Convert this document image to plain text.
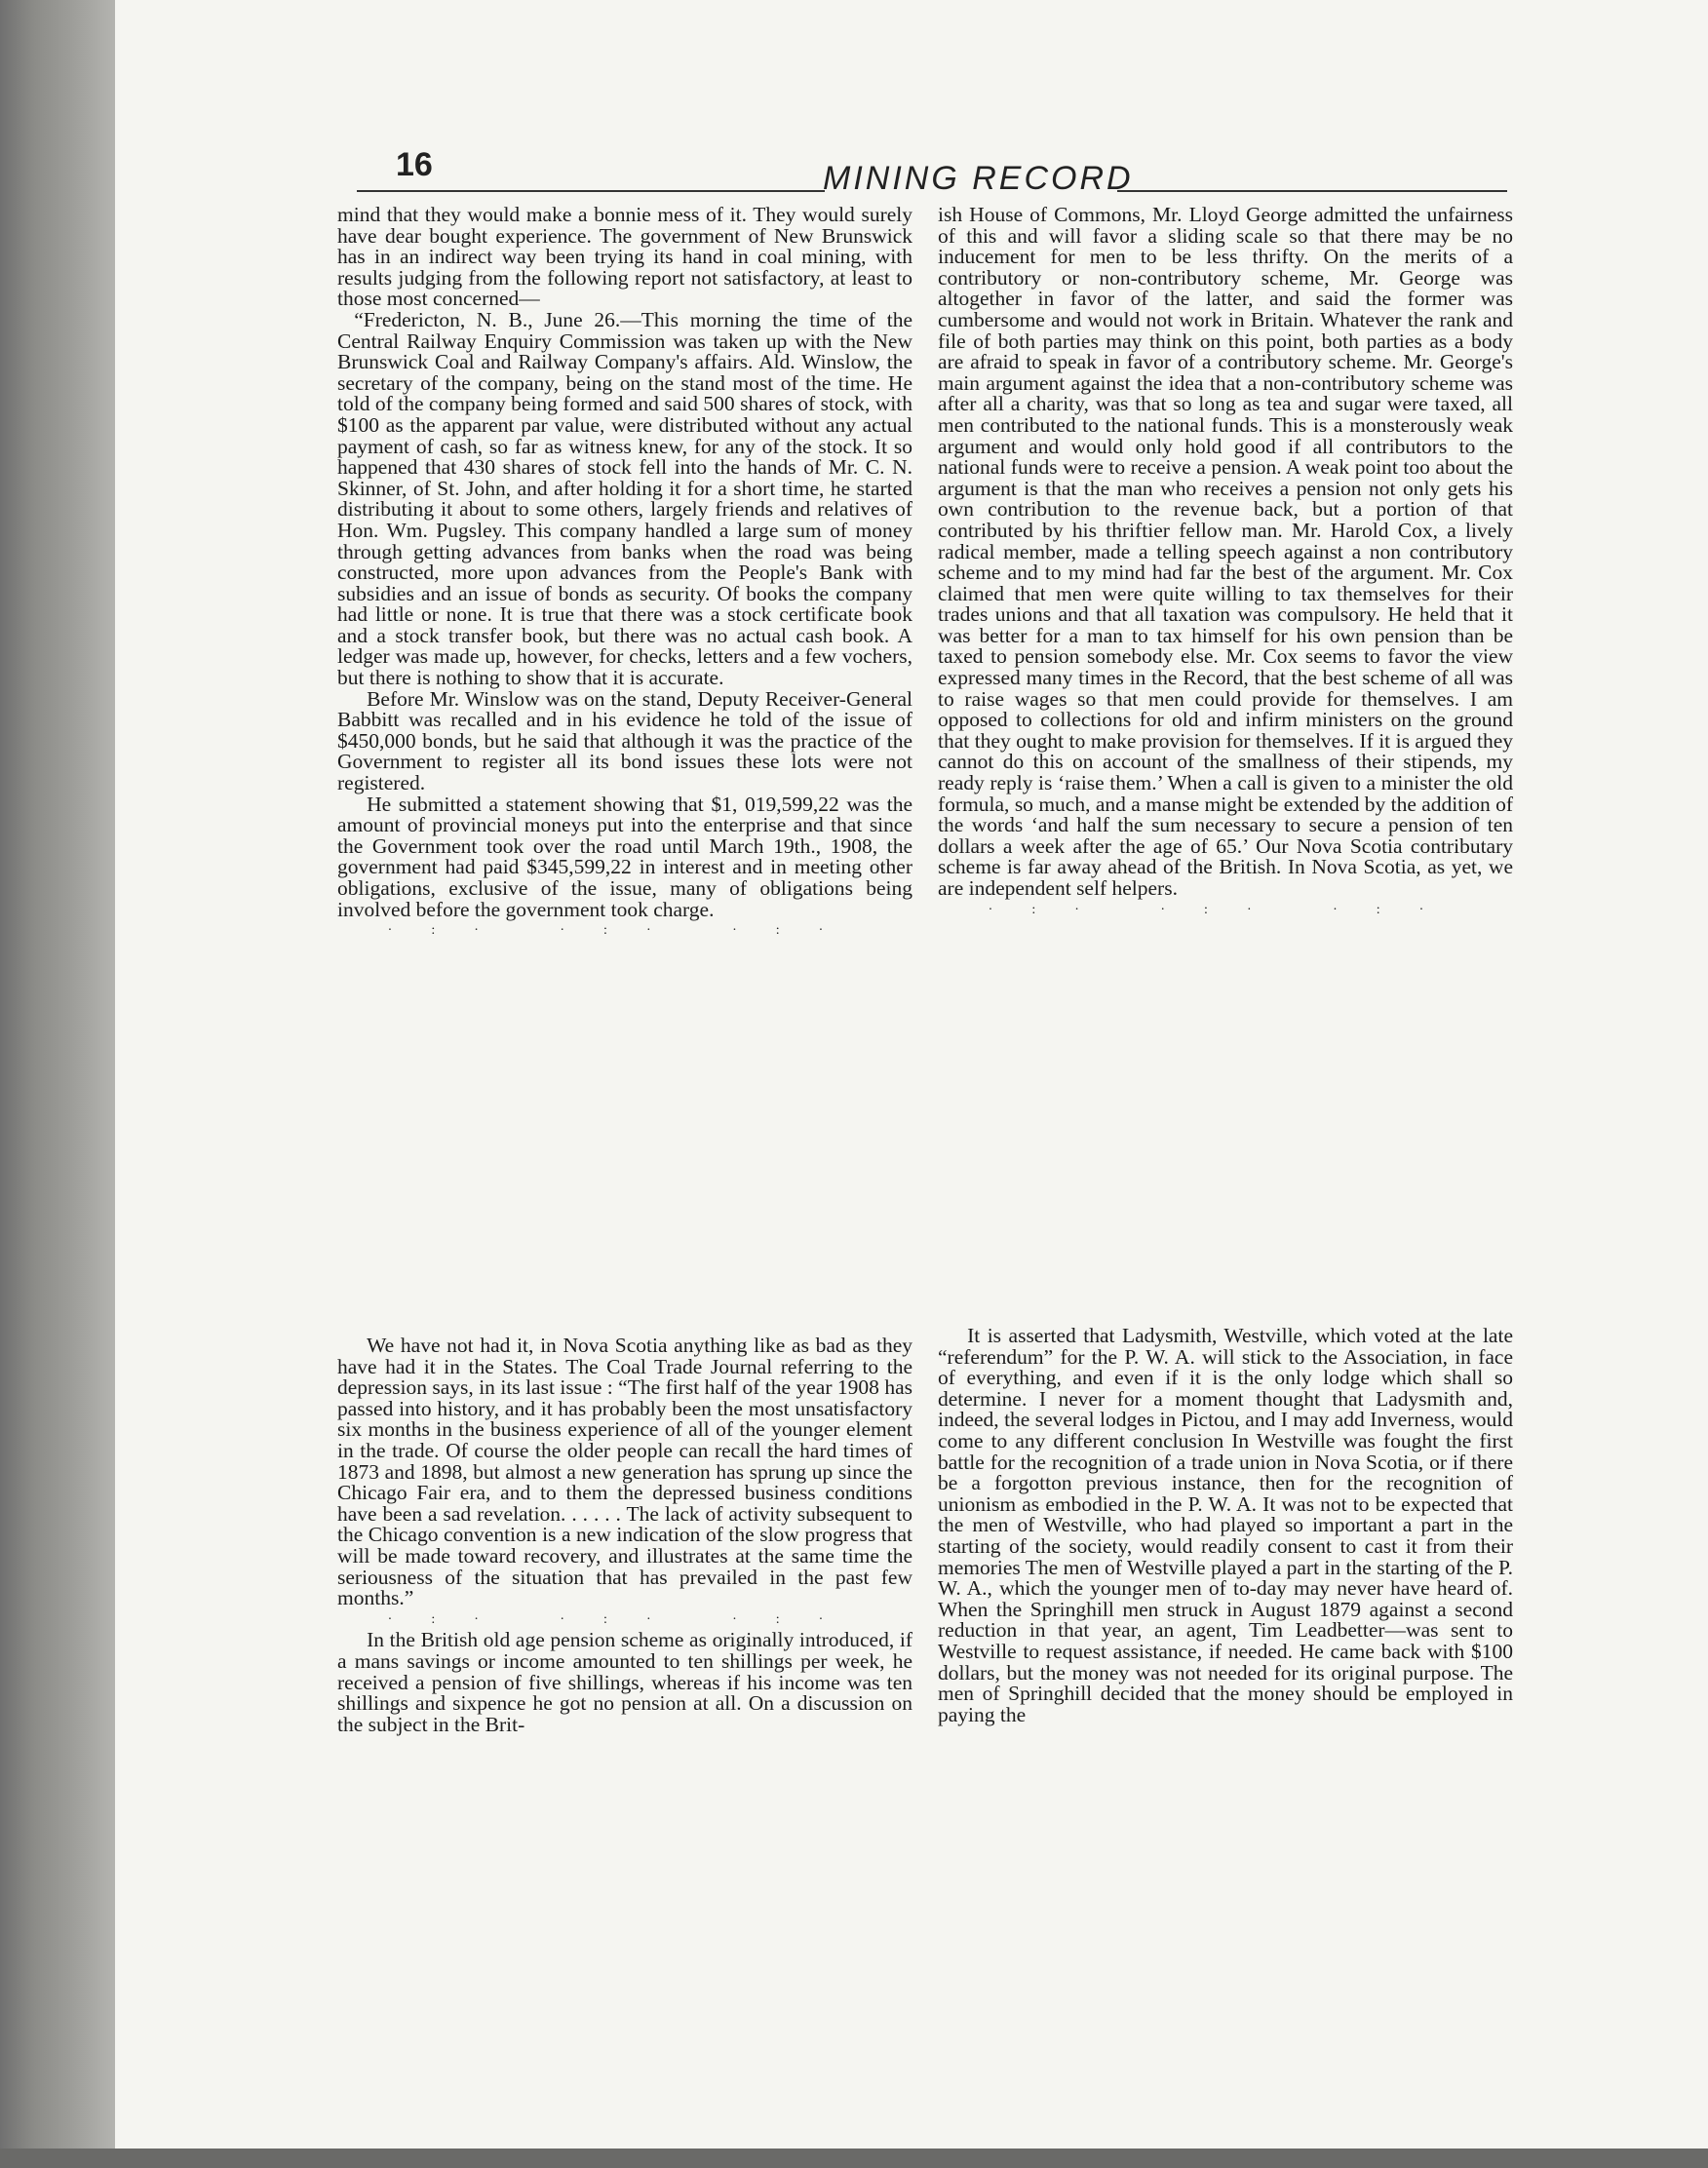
16	MINING RECORD

mind that they would make a bonnie mess of it. They would surely have dear bought experience. The government of New Brunswick has in an indirect way been trying its hand in coal mining, with results judging from the following report not satisfactory, at least to those most concerned—

“Fredericton, N. B., June 26.—This morning the time of the Central Railway Enquiry Commission was taken up with the New Brunswick Coal and Railway Company's affairs. Ald. Winslow, the secretary of the company, being on the stand most of the time. He told of the company being formed and said 500 shares of stock, with $100 as the apparent par value, were distributed without any actual payment of cash, so far as witness knew, for any of the stock. It so happened that 430 shares of stock fell into the hands of Mr. C. N. Skinner, of St. John, and after holding it for a short time, he started distributing it about to some others, largely friends and relatives of Hon. Wm. Pugsley. This company handled a large sum of money through getting advances from banks when the road was being constructed, more upon advances from the People's Bank with subsidies and an issue of bonds as security. Of books the company had little or none. It is true that there was a stock certificate book and a stock transfer book, but there was no actual cash book. A ledger was made up, however, for checks, letters and a few vochers, but there is nothing to show that it is accurate.

Before Mr. Winslow was on the stand, Deputy Receiver-General Babbitt was recalled and in his evidence he told of the issue of $450,000 bonds, but he said that although it was the practice of the Government to register all its bond issues these lots were not registered.

He submitted a statement showing that $1, 019,599,22 was the amount of provincial moneys put into the enterprise and that since the Government took over the road until March 19th., 1908, the government had paid $345,599,22 in interest and in meeting other obligations, exclusive of the issue, many of obligations being involved before the government took charge.

·:· ·:· ·:·

ish House of Commons, Mr. Lloyd George admitted the unfairness of this and will favor a sliding scale so that there may be no inducement for men to be less thrifty. On the merits of a contributory or non-contributory scheme, Mr. George was altogether in favor of the latter, and said the former was cumbersome and would not work in Britain. Whatever the rank and file of both parties may think on this point, both parties as a body are afraid to speak in favor of a contributory scheme. Mr. George's main argument against the idea that a non-contributory scheme was after all a charity, was that so long as tea and sugar were taxed, all men contributed to the national funds. This is a monsterously weak argument and would only hold good if all contributors to the national funds were to receive a pension. A weak point too about the argument is that the man who receives a pension not only gets his own contribution to the revenue back, but a portion of that contributed by his thriftier fellow man. Mr. Harold Cox, a lively radical member, made a telling speech against a non contributory scheme and to my mind had far the best of the argument. Mr. Cox claimed that men were quite willing to tax themselves for their trades unions and that all taxation was compulsory. He held that it was better for a man to tax himself for his own pension than be taxed to pension somebody else. Mr. Cox seems to favor the view expressed many times in the Record, that the best scheme of all was to raise wages so that men could provide for themselves. I am opposed to collections for old and infirm ministers on the ground that they ought to make provision for themselves. If it is argued they cannot do this on account of the smallness of their stipends, my ready reply is ‘raise them.’ When a call is given to a minister the old formula, so much, and a manse might be extended by the addition of the words ‘and half the sum necessary to secure a pension of ten dollars a week after the age of 65.’ Our Nova Scotia contributary scheme is far away ahead of the British. In Nova Scotia, as yet, we are independent self helpers.

·:· ·:· ·:·

We have not had it, in Nova Scotia anything like as bad as they have had it in the States. The Coal Trade Journal referring to the depression says, in its last issue : “The first half of the year 1908 has passed into history, and it has probably been the most unsatisfactory six months in the business experience of all of the younger element in the trade. Of course the older people can recall the hard times of 1873 and 1898, but almost a new generation has sprung up since the Chicago Fair era, and to them the depressed business conditions have been a sad revelation. . . . . . The lack of activity subsequent to the Chicago convention is a new indication of the slow progress that will be made toward recovery, and illustrates at the same time the seriousness of the situation that has prevailed in the past few months.”

·:· ·:· ·:·

In the British old age pension scheme as originally introduced, if a mans savings or income amounted to ten shillings per week, he received a pension of five shillings, whereas if his income was ten shillings and sixpence he got no pension at all. On a discussion on the subject in the Brit-

It is asserted that Ladysmith, Westville, which voted at the late “referendum” for the P. W. A. will stick to the Association, in face of everything, and even if it is the only lodge which shall so determine. I never for a moment thought that Ladysmith and, indeed, the several lodges in Pictou, and I may add Inverness, would come to any different conclusion In Westville was fought the first battle for the recognition of a trade union in Nova Scotia, or if there be a forgotton previous instance, then for the recognition of unionism as embodied in the P. W. A. It was not to be expected that the men of Westville, who had played so important a part in the starting of the society, would readily consent to cast it from their memories The men of Westville played a part in the starting of the P. W. A., which the younger men of to-day may never have heard of. When the Springhill men struck in August 1879 against a second reduction in that year, an agent, Tim Leadbetter—was sent to Westville to request assistance, if needed. He came back with $100 dollars, but the money was not needed for its original purpose. The men of Springhill decided that the money should be employed in paying the
